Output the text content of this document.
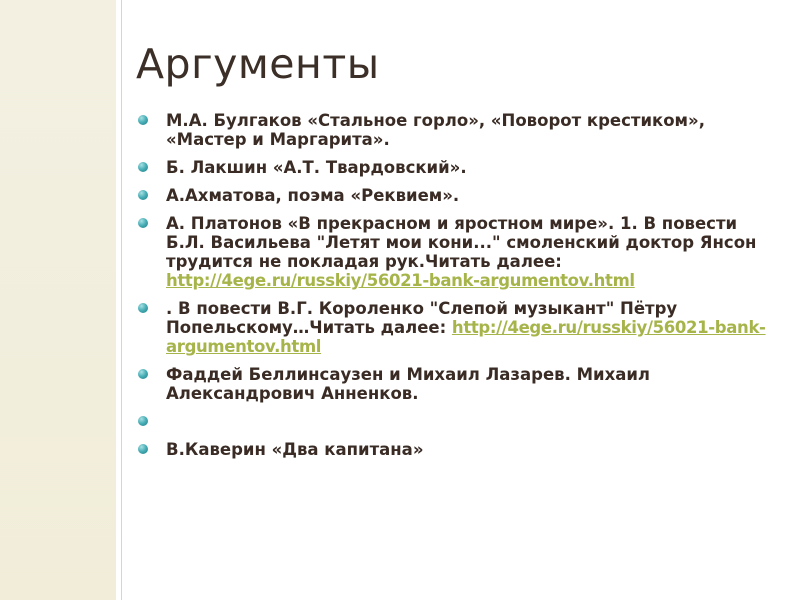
Аргументы
М.А. Булгаков «Стальное горло», «Поворот крестиком», «Мастер и Маргарита».
Б. Лакшин «А.Т. Твардовский».
А.Ахматова, поэма «Реквием».
А. Платонов «В прекрасном и яростном мире». 1. В повести Б.Л. Васильева "Летят мои кони..." смоленский доктор Янсон трудится не покладая рук.Читать далее: http://4ege.ru/russkiy/56021-bank-argumentov.html
. В повести В.Г. Короленко "Слепой музыкант" Пётру Попельскому…Читать далее: http://4ege.ru/russkiy/56021-bank-argumentov.html
Фаддей Беллинсаузен и Михаил Лазарев. Михаил Александрович Анненков.
В.Каверин «Два капитана»
